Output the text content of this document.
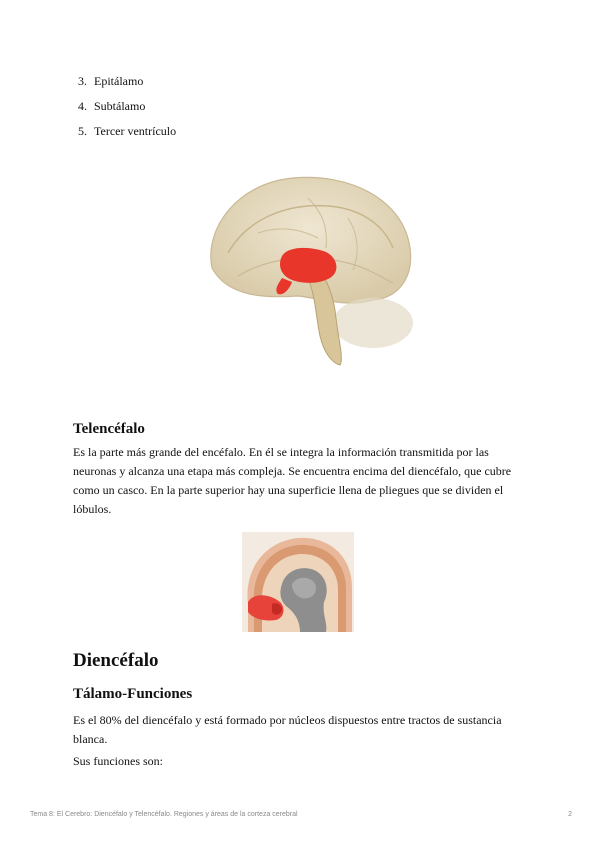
3. Epitálamo
4. Subtálamo
5. Tercer ventrículo
Telencéfalo

Es la parte más grande del encéfalo. En él se integra la información transmitida por las neuronas y alcanza una etapa más compleja. Se encuentra encima del diencéfalo, que cubre como un casco. En la parte superior hay una superficie llena de pliegues que se dividen el lóbulos.

Diencéfalo
Tálamo-Funciones

Es el 80% del diencéfalo y está formado por núcleos dispuestos entre tractos de sustancia blanca.

Sus funciones son:

Tema 8: El Cerebro: Diencéfalo y Telencéfalo. Regiones y áreas de la corteza cerebral	2
